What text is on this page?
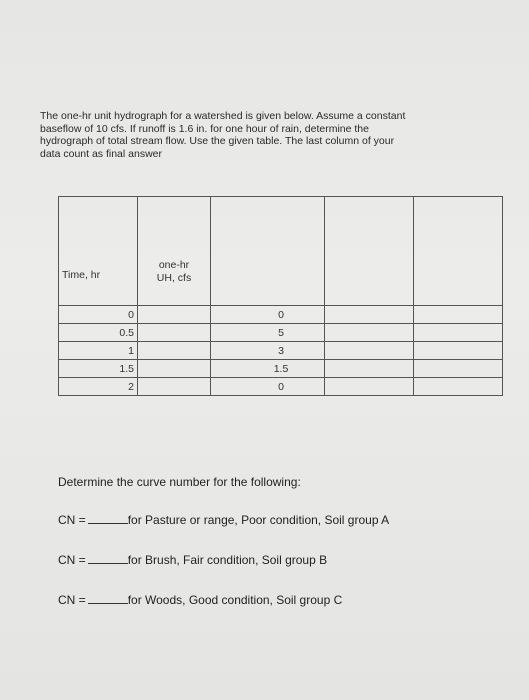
The one-hr unit hydrograph for a watershed is given below. Assume a constant

baseflow of 10 cfs. If runoff is 1.6 in. for one hour of rain, determine the

hydrograph of total stream flow. Use the given table. The last column of your

data count as final answer

Time, hr	one-hr
UH, cfs			
0		0		
0.5		5		
1		3		
1.5		1.5		
2		0		

Determine the curve number for the following:

CN =	for Pasture or range, Poor condition, Soil group A
CN =	for Brush, Fair condition, Soil group B
CN =	for Woods, Good condition, Soil group C
